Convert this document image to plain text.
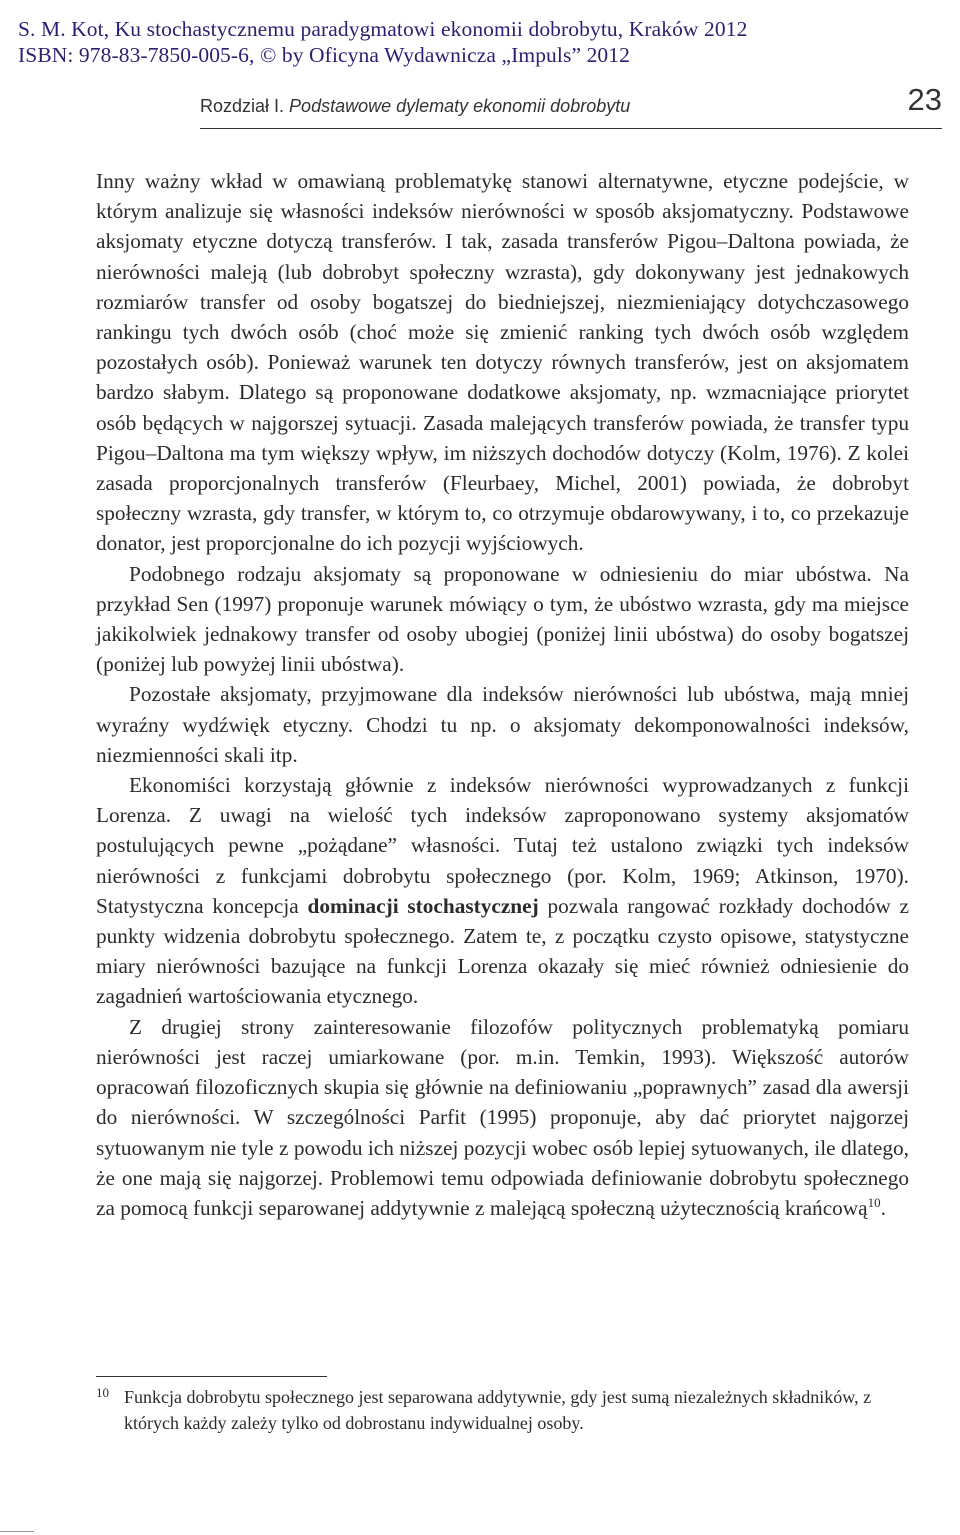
S. M. Kot, Ku stochastycznemu paradygmatowi ekonomii dobrobytu, Kraków 2012
ISBN: 978-83-7850-005-6, © by Oficyna Wydawnicza „Impuls” 2012
Rozdział I. Podstawowe dylematy ekonomii dobrobytu	23

Inny ważny wkład w omawianą problematykę stanowi alternatywne, etyczne podejście, w którym analizuje się własności indeksów nierówności w sposób aksjomatyczny. Podstawowe aksjomaty etyczne dotyczą transferów. I tak, zasada transferów Pigou–Daltona powiada, że nierówności maleją (lub dobrobyt społeczny wzrasta), gdy dokonywany jest jednakowych rozmiarów transfer od osoby bogatszej do biedniejszej, niezmieniający dotychczasowego rankingu tych dwóch osób (choć może się zmienić ranking tych dwóch osób względem pozostałych osób). Ponieważ warunek ten dotyczy równych transferów, jest on aksjomatem bardzo słabym. Dlatego są proponowane dodatkowe aksjomaty, np. wzmacniające priorytet osób będących w najgorszej sytuacji. Zasada malejących transferów powiada, że transfer typu Pigou–Daltona ma tym większy wpływ, im niższych dochodów dotyczy (Kolm, 1976). Z kolei zasada proporcjonalnych transferów (Fleurbaey, Michel, 2001) powiada, że dobrobyt społeczny wzrasta, gdy transfer, w którym to, co otrzymuje obdarowywany, i to, co przekazuje donator, jest proporcjonalne do ich pozycji wyjściowych.

Podobnego rodzaju aksjomaty są proponowane w odniesieniu do miar ubóstwa. Na przykład Sen (1997) proponuje warunek mówiący o tym, że ubóstwo wzrasta, gdy ma miejsce jakikolwiek jednakowy transfer od osoby ubogiej (poniżej linii ubóstwa) do osoby bogatszej (poniżej lub powyżej linii ubóstwa).

Pozostałe aksjomaty, przyjmowane dla indeksów nierówności lub ubóstwa, mają mniej wyraźny wydźwięk etyczny. Chodzi tu np. o aksjomaty dekomponowalności indeksów, niezmienności skali itp.

Ekonomiści korzystają głównie z indeksów nierówności wyprowadzanych z funkcji Lorenza. Z uwagi na wielość tych indeksów zaproponowano systemy aksjomatów postulujących pewne „pożądane” własności. Tutaj też ustalono związki tych indeksów nierówności z funkcjami dobrobytu społecznego (por. Kolm, 1969; Atkinson, 1970). Statystyczna koncepcja dominacji stochastycznej pozwala rangować rozkłady dochodów z punkty widzenia dobrobytu społecznego. Zatem te, z początku czysto opisowe, statystyczne miary nierówności bazujące na funkcji Lorenza okazały się mieć również odniesienie do zagadnień wartościowania etycznego.

Z drugiej strony zainteresowanie filozofów politycznych problematyką pomiaru nierówności jest raczej umiarkowane (por. m.in. Temkin, 1993). Większość autorów opracowań filozoficznych skupia się głównie na definiowaniu „poprawnych” zasad dla awersji do nierówności. W szczególności Parfit (1995) proponuje, aby dać priorytet najgorzej sytuowanym nie tyle z powodu ich niższej pozycji wobec osób lepiej sytuowanych, ile dlatego, że one mają się najgorzej. Problemowi temu odpowiada definiowanie dobrobytu społecznego za pomocą funkcji separowanej addytywnie z malejącą społeczną użytecznością krańcową$^{10}$.

10 Funkcja dobrobytu społecznego jest separowana addytywnie, gdy jest sumą niezależnych składników, z których każdy zależy tylko od dobrostanu indywidualnej osoby.
